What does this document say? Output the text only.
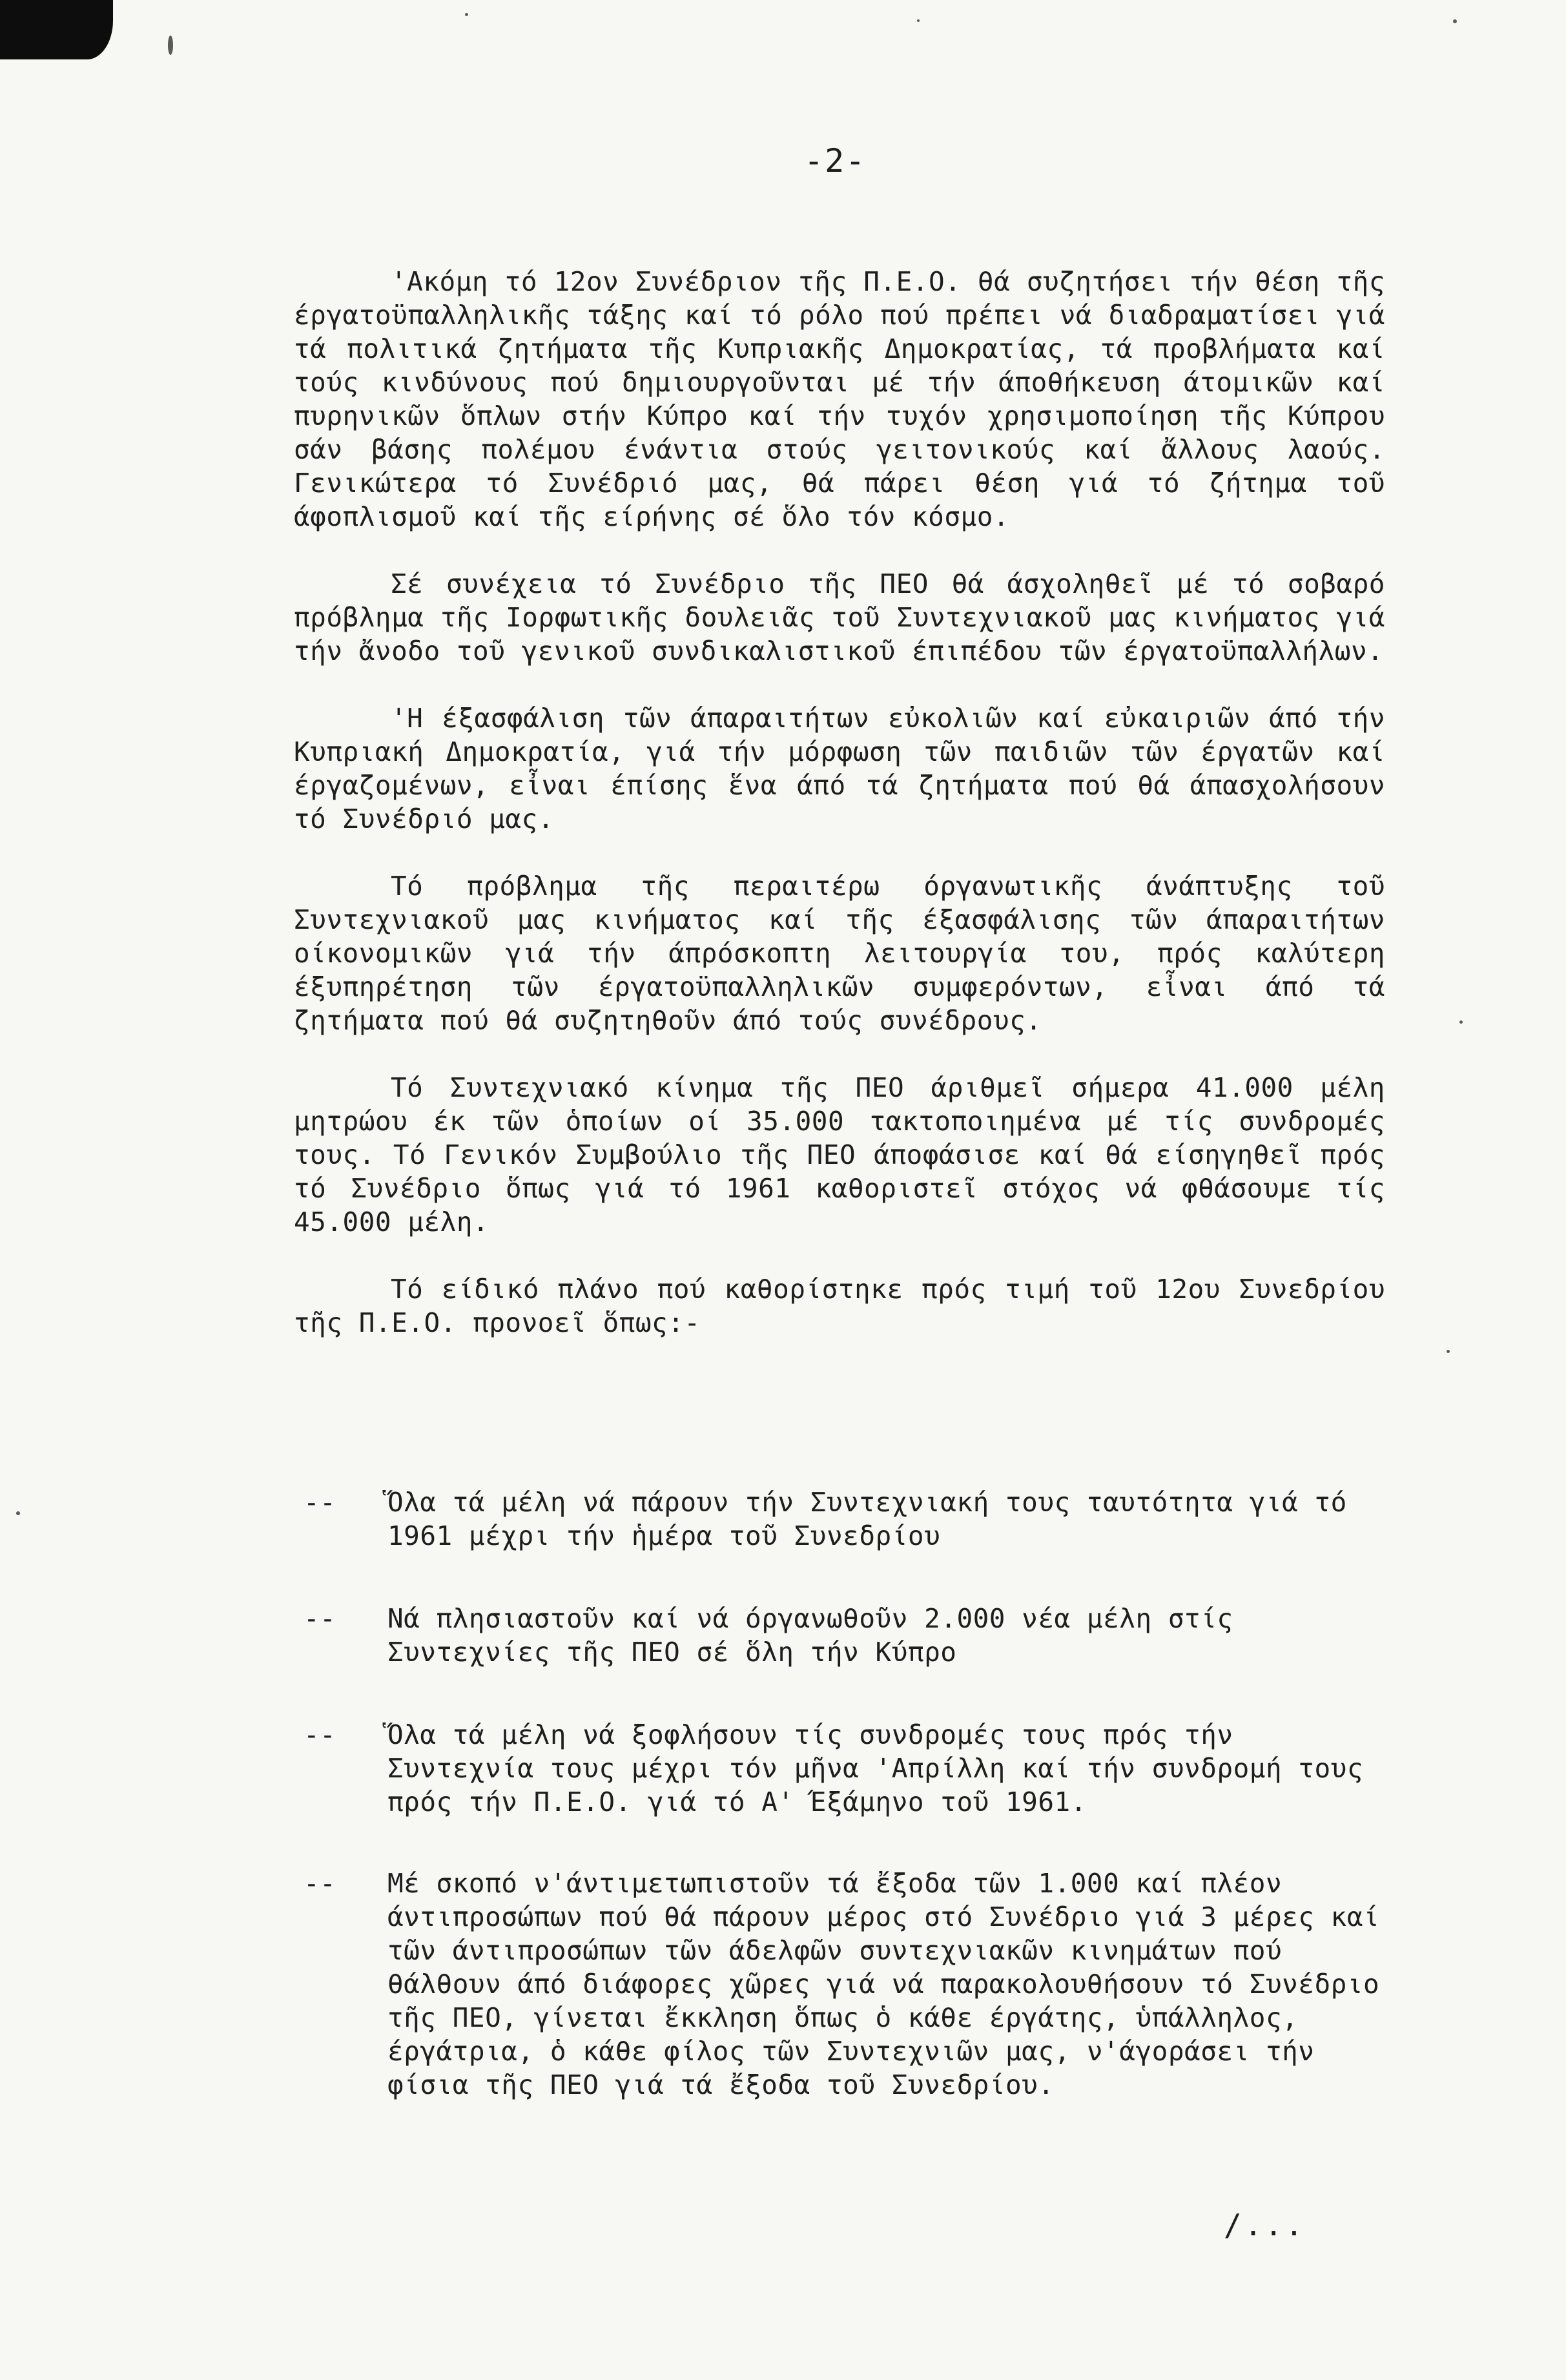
-2-

'Ακόμη τό 12ον Συνέδριον τῆς Π.Ε.Ο. θά συζητήσει τήν θέση τῆς έργατοϋπαλληλικῆς τάξης καί τό ρόλο πού πρέπει νά διαδραματίσει γιά τά πολιτικά ζητήματα τῆς Κυπριακῆς Δημοκρατίας, τά προβλήματα καί τούς κινδύνους πού δημιουργοῦνται μέ τήν άποθήκευση άτομικῶν καί πυρηνικῶν ὅπλων στήν Κύπρο καί τήν τυχόν χρησιμοποίηση τῆς Κύπρου σάν βάσης πολέμου ένάντια στούς γειτονικούς καί ἄλλους λαούς. Γενικώτερα τό Συνέδριό μας, θά πάρει θέση γιά τό ζήτημα τοῦ άφοπλισμοῦ καί τῆς είρήνης σέ ὅλο τόν κόσμο.

Σέ συνέχεια τό Συνέδριο τῆς ΠΕΟ θά άσχοληθεῖ μέ τό σοβαρό πρόβλημα τῆς Ιορφωτικῆς δουλειᾶς τοῦ Συντεχνιακοῦ μας κινήματος γιά τήν ἄνοδο τοῦ γενικοῦ συνδικαλιστικοῦ έπιπέδου τῶν έργατοϋπαλλήλων.

'Η έξασφάλιση τῶν άπαραιτήτων εὐκολιῶν καί εὐκαιριῶν άπό τήν Κυπριακή Δημοκρατία, γιά τήν μόρφωση τῶν παιδιῶν τῶν έργατῶν καί έργαζομένων, εἶναι έπίσης ἕνα άπό τά ζητήματα πού θά άπασχολήσουν τό Συνέδριό μας.

Τό πρόβλημα τῆς περαιτέρω όργανωτικῆς άνάπτυξης τοῦ Συντεχνιακοῦ μας κινήματος καί τῆς έξασφάλισης τῶν άπαραιτήτων οίκονομικῶν γιά τήν άπρόσκοπτη λειτουργία του, πρός καλύτερη έξυπηρέτηση τῶν έργατοϋπαλληλικῶν συμφερόντων, εἶναι άπό τά ζητήματα πού θά συζητηθοῦν άπό τούς συνέδρους.

Τό Συντεχνιακό κίνημα τῆς ΠΕΟ άριθμεῖ σήμερα 41.000 μέλη μητρώου έκ τῶν ὁποίων οί 35.000 τακτοποιημένα μέ τίς συνδρομές τους. Τό Γενικόν Συμβούλιο τῆς ΠΕΟ άποφάσισε καί θά είσηγηθεῖ πρός τό Συνέδριο ὅπως γιά τό 1961 καθοριστεῖ στόχος νά φθάσουμε τίς 45.000 μέλη.

Τό είδικό πλάνο πού καθορίστηκε πρός τιμή τοῦ 12ου Συνεδρίου τῆς Π.Ε.Ο. προνοεῖ ὅπως:-

-- Ὅλα τά μέλη νά πάρουν τήν Συντεχνιακή τους ταυτότητα γιά τό 1961 μέχρι τήν ἡμέρα τοῦ Συνεδρίου
-- Νά πλησιαστοῦν καί νά όργανωθοῦν 2.000 νέα μέλη στίς Συντεχνίες τῆς ΠΕΟ σέ ὅλη τήν Κύπρο
-- Ὅλα τά μέλη νά ξοφλήσουν τίς συνδρομές τους πρός τήν Συντεχνία τους μέχρι τόν μῆνα 'Απρίλλη καί τήν συνδρομή τους πρός τήν Π.Ε.Ο. γιά τό Α' Έξάμηνο τοῦ 1961.
-- Μέ σκοπό ν'άντιμετωπιστοῦν τά ἔξοδα τῶν 1.000 καί πλέον άντιπροσώπων πού θά πάρουν μέρος στό Συνέδριο γιά 3 μέρες καί τῶν άντιπροσώπων τῶν άδελφῶν συντεχνιακῶν κινημάτων πού θάλθουν άπό διάφορες χῶρες γιά νά παρακολουθήσουν τό Συνέδριο τῆς ΠΕΟ, γίνεται ἔκκληση ὅπως ὁ κάθε έργάτης, ὑπάλληλος, έργάτρια, ὁ κάθε φίλος τῶν Συντεχνιῶν μας, ν'άγοράσει τήν φίσια τῆς ΠΕΟ γιά τά ἔξοδα τοῦ Συνεδρίου.
/...
